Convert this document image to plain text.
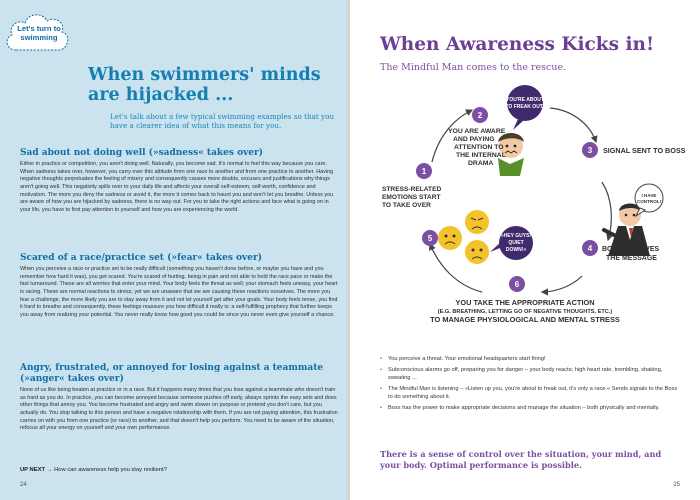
Let's turn to swimming
When swimmers' minds are hijacked ...

Let's talk about a few typical swimming examples so that you have a clearer idea of what this means for you.

Sad about not doing well (»sadness« takes over)

Either in practice or competition, you aren't doing well. Naturally, you become sad. It's normal to feel this way because you care. When sadness takes over, however, you carry over this attitude from one race to another and from one practice to another. Having negative thoughts perpetuates the feeling of misery and consequently causes more doubts, excuses and justifications why things aren't going well. This negativity spills over to your daily life and affects your overall self-esteem, self-worth, confidence and motivation. The more you deny the sadness or avoid it, the more it comes back to haunt you and won't let you breathe. Unless you are aware of how you are hijacked by sadness, there is no way out. For you to take the right actions and face what is going on in your life, you have to first pay attention to yourself and how you are experiencing the world.

Scared of a race/practice set (»fear« takes over)

When you perceive a race or practice set to be really difficult (something you haven't done before, or maybe you have and you remember how hard it was), you get scared. You're scared of hurting, being in pain and not able to hold the race pace or make the fast turnaround. These are all worries that enter your mind. Your body feels the threat as well; your stomach feels uneasy, your heart is racing. These are normal reactions to stress, yet we are unaware that we are causing these reactions ourselves. The more you fear a challenge, the more likely you are to stay away from it and not let yourself get after your goals. Your body feels tense, you find it hard to breathe and consequently, these feelings reassure you how difficult it really is: a self-fulfilling prophecy that further keeps you away from realizing your potential. You never really know how good you could be since you never even give yourself a chance.

Angry, frustrated, or annoyed for losing against a teammate (»anger« takes over)

None of us like being beaten at practice or in a race. But it happens many times that you lose against a teammate who doesn't train as hard as you do. In practice, you can become annoyed because someone pushes off early, always sprints the easy sets and does other things that annoy you. You become frustrated and angry and swim slower on purpose or pretend you don't care, but you actually do. You stop talking to this person and have a negative relationship with them. If you are not paying attention, this frustration carries on with you from one practice (or race) to another, and that doesn't help you perform. You need to be aware of the situation, refocus all your energy on yourself and your own performance.

UP NEXT → How can awareness help you stay resilient?
24
When Awareness Kicks in!

The Mindful Man comes to the rescue.

YOU'RE ABOUT
TO FREAK OUT!
1
2
3
4
5
6
YOU ARE AWARE
AND PAYING
ATTENTION TO
THE INTERNAL
DRAMA
SIGNAL SENT TO BOSS
STRESS-RELATED
EMOTIONS START
TO TAKE OVER
»HEY GUYS!
QUIET
DOWN!«
I HAVE
CONTROL!
BOSS RECEIVES
THE MESSAGE
YOU TAKE THE APPROPRIATE ACTION
(E.G. BREATHING, LETTING GO OF NEGATIVE THOUGHTS, ETC.)
TO MANAGE PHYSIOLOGICAL AND MENTAL STRESS
• You perceive a threat. Your emotional headquarters start firing!
• Subconscious alarms go off, preparing you for danger – your body reacts; high heart rate, trembling, shaking, sweating ...
• The Mindful Man is listening – »Listen up you, you're about to freak out, it's only a race.« Sends signals to the Boss to do something about it.
• Boss has the power to make appropriate decisions and manage the situation – both physically and mentally.

There is a sense of control over the situation, your mind, and your body. Optimal performance is possible.

25
